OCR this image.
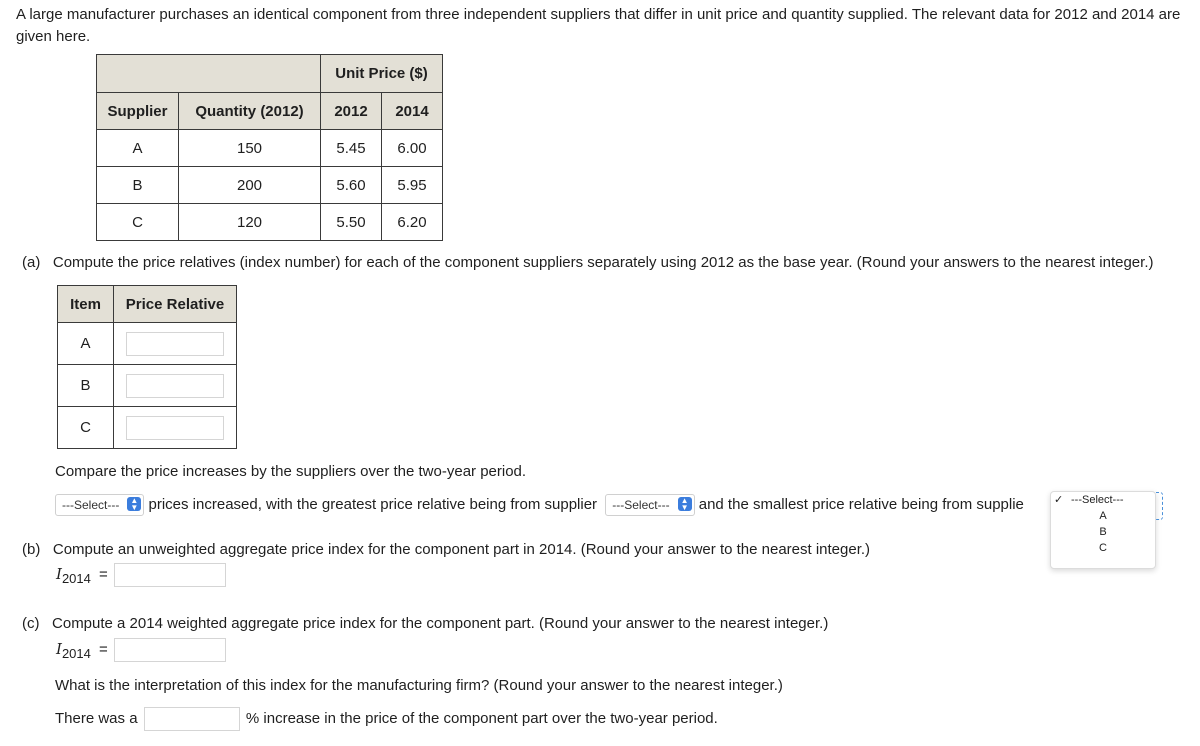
A large manufacturer purchases an identical component from three independent suppliers that differ in unit price and quantity supplied. The relevant data for 2012 and 2014 are given here.
		Unit Price ($)	
Supplier	Quantity (2012)	2012	2014
A	150	5.45	6.00
B	200	5.60	5.95
C	120	5.50	6.20
(a) Compute the price relatives (index number) for each of the component suppliers separately using 2012 as the base year. (Round your answers to the nearest integer.)
Item	Price Relative
A	
B	
C	
Compare the price increases by the suppliers over the two-year period.
---Select---	▲
▼ prices increased, with the greatest price relative being from supplier ---Select---	▲
▼ and the smallest price relative being from supplie	✓ ---Select---
A
B
C
(b) Compute an unweighted aggregate price index for the component part in 2014. (Round your answer to the nearest integer.)
$I_{2014}$ =
(c) Compute a 2014 weighted aggregate price index for the component part. (Round your answer to the nearest integer.)
$I_{2014}$ =
What is the interpretation of this index for the manufacturing firm? (Round your answer to the nearest integer.)
There was a	% increase in the price of the component part over the two-year period.
